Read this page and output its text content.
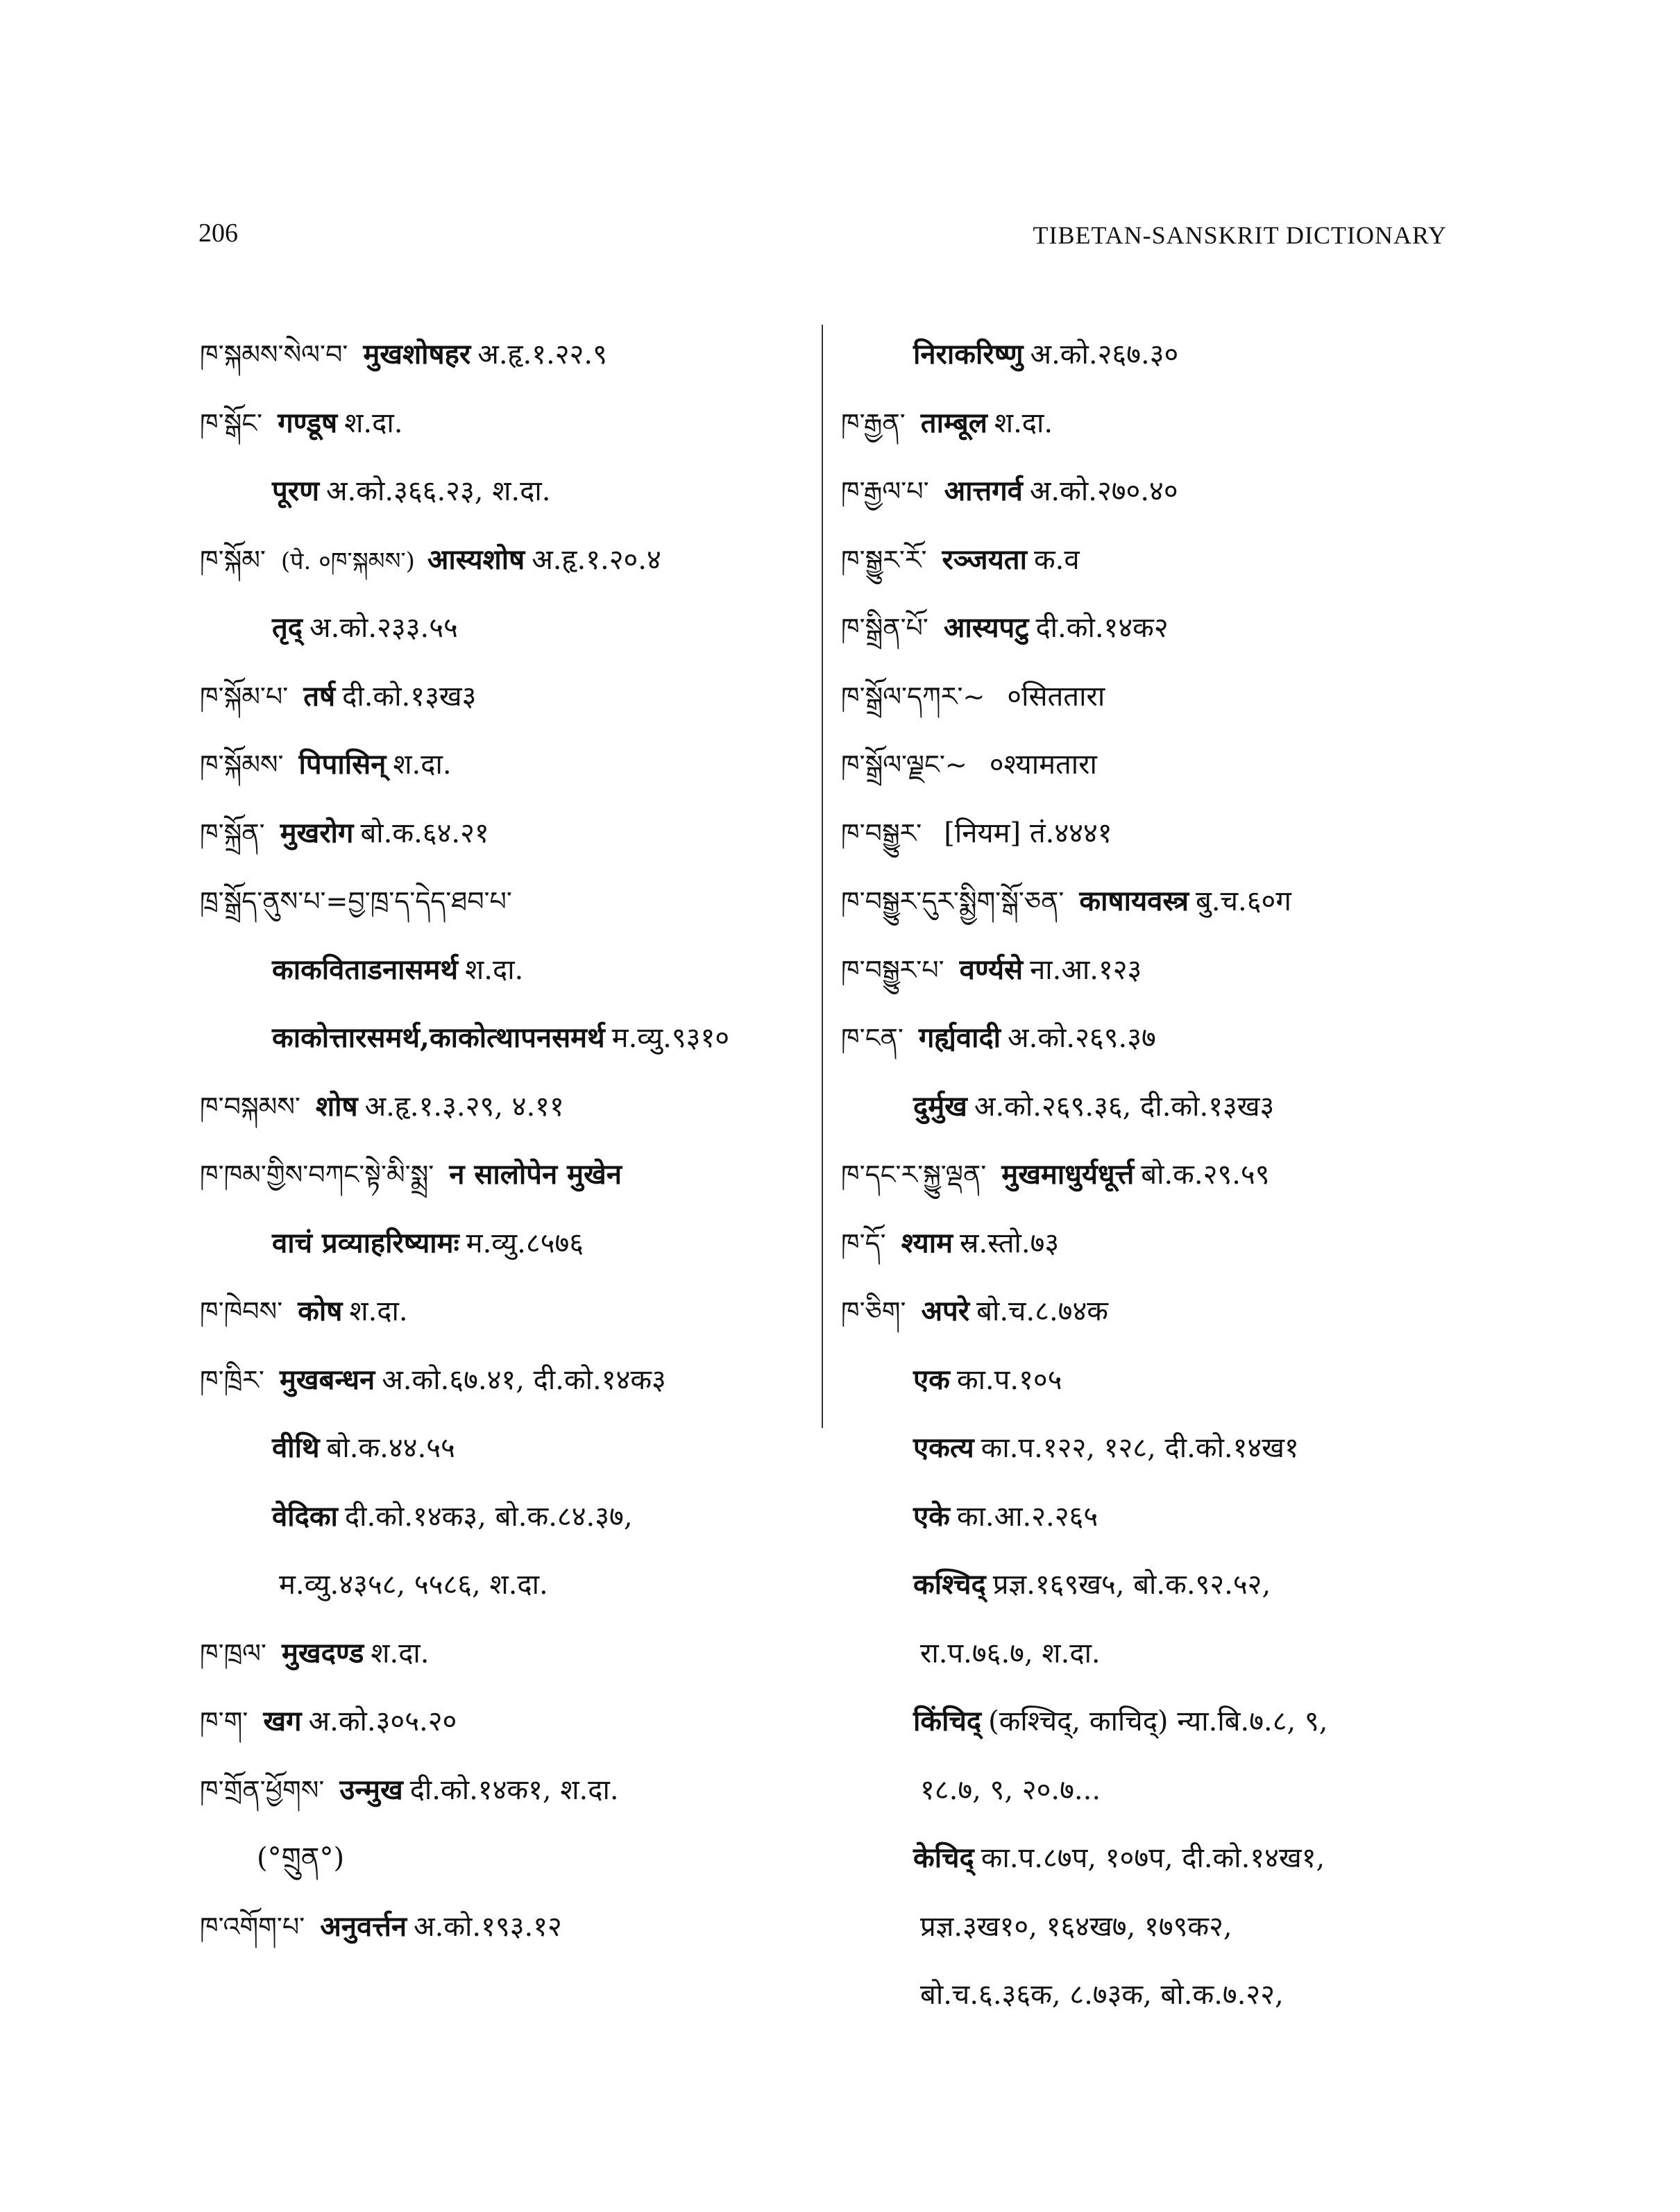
206	TIBETAN-SANSKRIT DICTIONARY
ཁ་སྐམས་སེལ་བ་ मुखशोषहर अ.हृ.१.२२.९
ཁ་སྒོང་ गण्डूष श.दा.
पूरण अ.को.३६६.२३, श.दा.
ཁ་སྐོམ་ (पे. ०ཁ་སྐམས་) आस्यशोष अ.हृ.१.२०.४
तृद् अ.को.२३३.५५
ཁ་སྐོམ་པ་ तर्ष दी.को.१३ख३
ཁ་སྐོམས་ पिपासिन् श.दा.
ཁ་སྐྲོན་ मुखरोग बो.क.६४.२१
ཁྲ་སྒྲོད་ནུས་པ་=བྱ་ཁྲ་ད་དེད་ཐབ་པ་
काकविताडनासमर्थ श.दा.
काकोत्तारसमर्थ,काकोत्थापनसमर्थ म.व्यु.९३१०
ཁ་བསྐམས་ शोष अ.हृ.१.३.२९, ४.११
ཁ་ཁམ་གྱིས་བཀང་སྟེ་མི་སྨྲ་ न सालोपेन मुखेन
वाचं प्रव्याहरिष्यामः म.व्यु.८५७६
ཁ་ཁེབས་ कोष श.दा.
ཁ་ཁྲིར་ मुखबन्धन अ.को.६७.४१, दी.को.१४क३
वीथि बो.क.४४.५५
वेदिका दी.को.१४क३, बो.क.८४.३७,
म.व्यु.४३५८, ५५८६, श.दा.
ཁ་ཁྲལ་ मुखदण्ड श.दा.
ཁ་ག་ खग अ.को.३०५.२०
ཁ་གྲོན་ཕྱོགས་ उन्मुख दी.को.१४क१, श.दा.
(°གྲུན°)
ཁ་འགོག་པ་ अनुवर्त्तन अ.को.१९३.१२
निराकरिष्णु अ.को.२६७.३०
ཁ་རྒྱན་ ताम्बूल श.दा.
ཁ་རྒྱལ་པ་ आत्तगर्व अ.को.२७०.४०
ཁ་སྒྱུར་རོ་ रञ्जयता क.व
ཁ་སྒྲིན་པོ་ आस्यपटु दी.को.१४क२
ཁ་སྒྲོལ་དཀར་~ ०सिततारा
ཁ་སྒྲོལ་ལྗང་~ ०श्यामतारा
ཁ་བསྒྱུར་ [नियम] तं.४४४१
ཁ་བསྒྱུར་དུར་སྨྱིག་སྒོ་ཅན་ काषायवस्त्र बु.च.६०ग
ཁ་བསྒྱུར་པ་ वर्ण्यसे ना.आ.१२३
ཁ་ངན་ गर्ह्यवादी अ.को.२६९.३७
दुर्मुख अ.को.२६९.३६, दी.को.१३ख३
ཁ་དང་ར་སྐྱུ་ལྡན་ मुखमाधुर्यधूर्त्त बो.क.२९.५९
ཁ་དོ་ श्याम स्र.स्तो.७३
ཁ་ཅིག་ अपरे बो.च.८.७४क
एक का.प.१०५
एकत्य का.प.१२२, १२८, दी.को.१४ख१
एके का.आ.२.२६५
कश्चिद् प्रज्ञ.१६९ख५, बो.क.९२.५२,
रा.प.७६.७, श.दा.
किंचिद् (कश्चिद्, काचिद्) न्या.बि.७.८, ९,
१८.७, ९, २०.७...
केचिद् का.प.८७प, १०७प, दी.को.१४ख१,
प्रज्ञ.३ख१०, १६४ख७, १७९क२,
बो.च.६.३६क, ८.७३क, बो.क.७.२२,
